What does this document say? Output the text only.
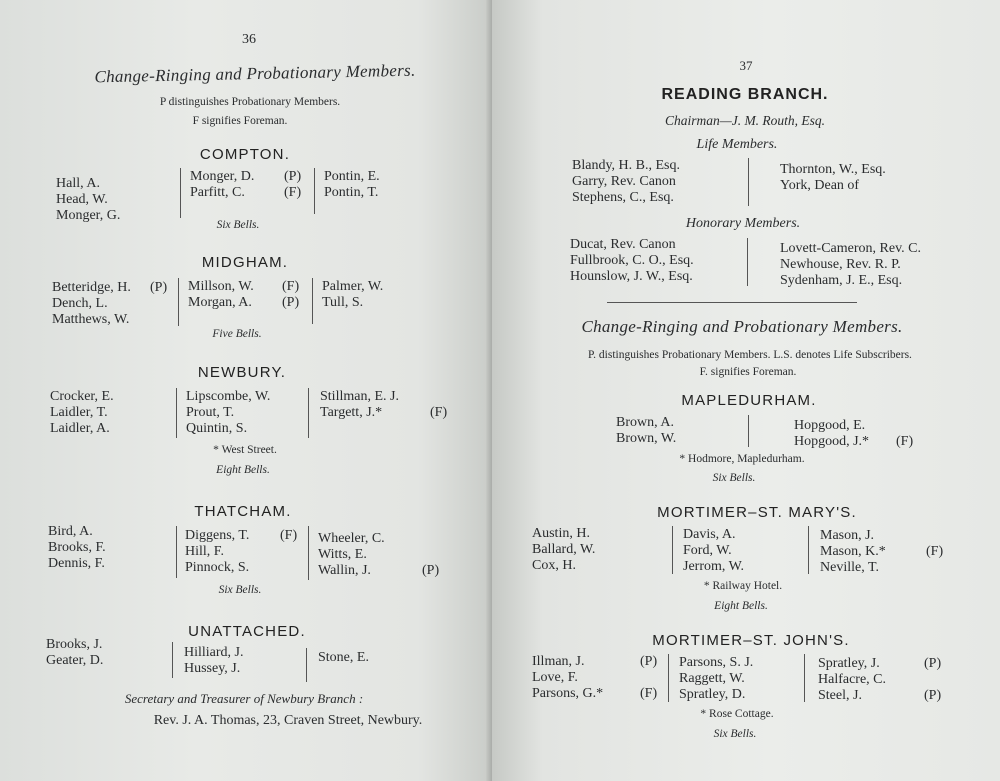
36
Change-Ringing and Probationary Members.
P distinguishes Probationary Members.
F signifies Foreman.
COMPTON.
Hall, A.
Head, W.
Monger, G.
Monger, D.
Parfitt, C.
(P)
(F)
Pontin, E.
Pontin, T.
Six Bells.
MIDGHAM.
Betteridge, H.
Dench, L.
Matthews, W.
(P) Millson, W.
Morgan, A.
(F)
(P)
Palmer, W.
Tull, S.
Five Bells.
NEWBURY.
Crocker, E.
Laidler, T.
Laidler, A.
Lipscombe, W.
Prout, T.
Quintin, S.
Stillman, E. J.
Targett, J.*	(F)
* West Street.
Eight Bells.
THATCHAM.
Bird, A.
Brooks, F.
Dennis, F.
Diggens, T.
Hill, F.
Pinnock, S.
(F) Wheeler, C.
Witts, E.
Wallin, J.	(P)
Six Bells.
UNATTACHED.
Brooks, J.
Geater, D.
Hilliard, J.
Hussey, J.
Stone, E.
Secretary and Treasurer of Newbury Branch :
Rev. J. A. Thomas, 23, Craven Street, Newbury.
37
READING BRANCH.
Chairman—J. M. Routh, Esq.
Life Members.
Blandy, H. B., Esq.
Garry, Rev. Canon
Stephens, C., Esq.
Thornton, W., Esq.
York, Dean of
Honorary Members.
Ducat, Rev. Canon
Fullbrook, C. O., Esq.
Hounslow, J. W., Esq.
Lovett-Cameron, Rev. C.
Newhouse, Rev. R. P.
Sydenham, J. E., Esq.
Change-Ringing and Probationary Members.
P. distinguishes Probationary Members. L.S. denotes Life Subscribers.
F. signifies Foreman.
MAPLEDURHAM.
Brown, A.
Brown, W.
Hopgood, E.
Hopgood, J.* (F)
* Hodmore, Mapledurham.
Six Bells.
MORTIMER–ST. MARY'S.
Austin, H.
Ballard, W.
Cox, H.
Davis, A.
Ford, W.
Jerrom, W.
Mason, J.
Mason, K.*
Neville, T.
(F)
* Railway Hotel.
Eight Bells.
MORTIMER–ST. JOHN'S.
Illman, J.
Love, F.
Parsons, G.*
(P)
(F)
Parsons, S. J.
Raggett, W.
Spratley, D.
Spratley, J.
Halfacre, C.
Steel, J.
(P)
(P)
* Rose Cottage.
Six Bells.
